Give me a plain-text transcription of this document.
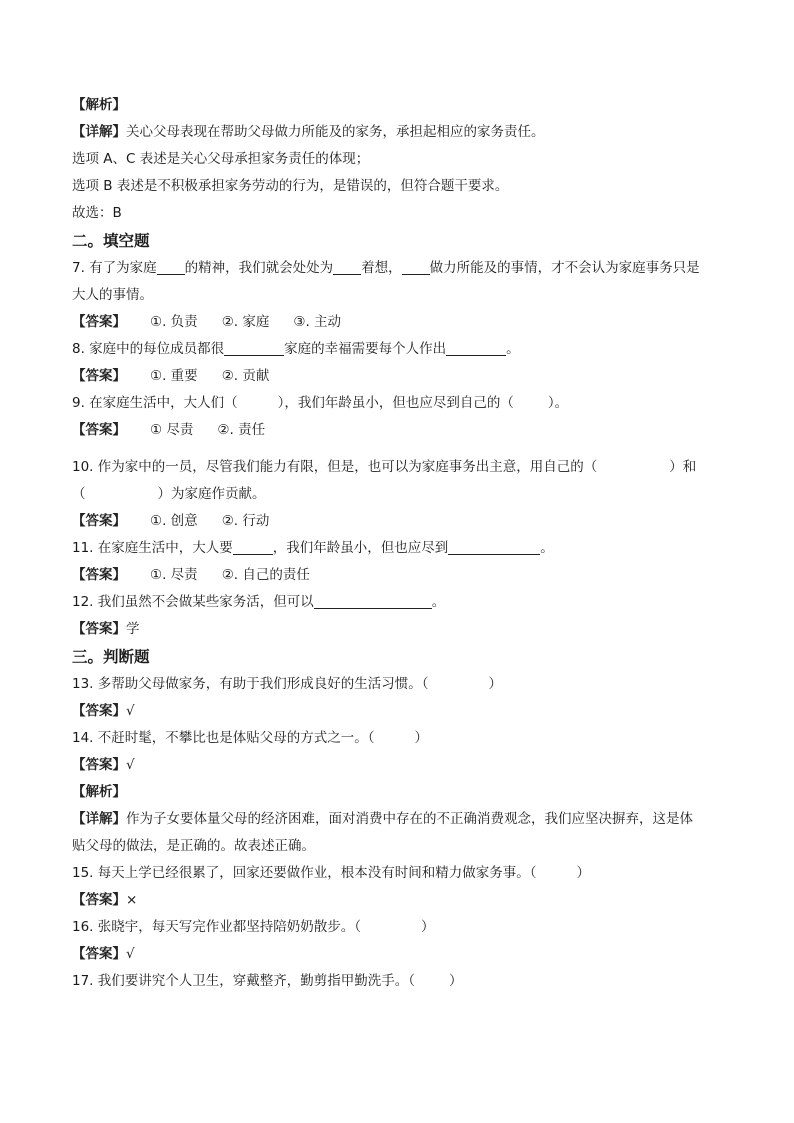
【解析】
【详解】关心父母表现在帮助父母做力所能及的家务，承担起相应的家务责任。
选项 A、C 表述是关心父母承担家务责任的体现；
选项 B 表述是不积极承担家务劳动的行为，是错误的，但符合题干要求。
故选：B
二。填空题
7. 有了为家庭 的精神，我们就会处处为 着想， 做力所能及的事情，才不会认为家庭事务只是
大人的事情。
【答案】 ①. 负责 ②. 家庭 ③. 主动
8. 家庭中的每位成员都很	家庭的幸福需要每个人作出	。
【答案】 ①. 重要 ②. 贡献
9. 在家庭生活中，大人们（	），我们年龄虽小，但也应尽到自己的（	）。
【答案】 ① 尽责 ②. 责任
10. 作为家中的一员，尽管我们能力有限，但是，也可以为家庭事务出主意，用自己的（	）和
（	）为家庭作贡献。
【答案】 ①. 创意 ②. 行动
11. 在家庭生活中，大人要	，我们年龄虽小，但也应尽到	。
【答案】 ①. 尽责 ②. 自己的责任
12. 我们虽然不会做某些家务活，但可以	。
【答案】学
三。判断题
13. 多帮助父母做家务，有助于我们形成良好的生活习惯。（	）
【答案】√
14. 不赶时髦，不攀比也是体贴父母的方式之一。（	）
【答案】√
【解析】
【详解】作为子女要体量父母的经济困难，面对消费中存在的不正确消费观念，我们应坚决摒弃，这是体
贴父母的做法，是正确的。故表述正确。
15. 每天上学已经很累了，回家还要做作业，根本没有时间和精力做家务事。（	）
【答案】×
16. 张晓宇，每天写完作业都坚持陪奶奶散步。（	）
【答案】√
17. 我们要讲究个人卫生，穿戴整齐，勤剪指甲勤洗手。（	）
